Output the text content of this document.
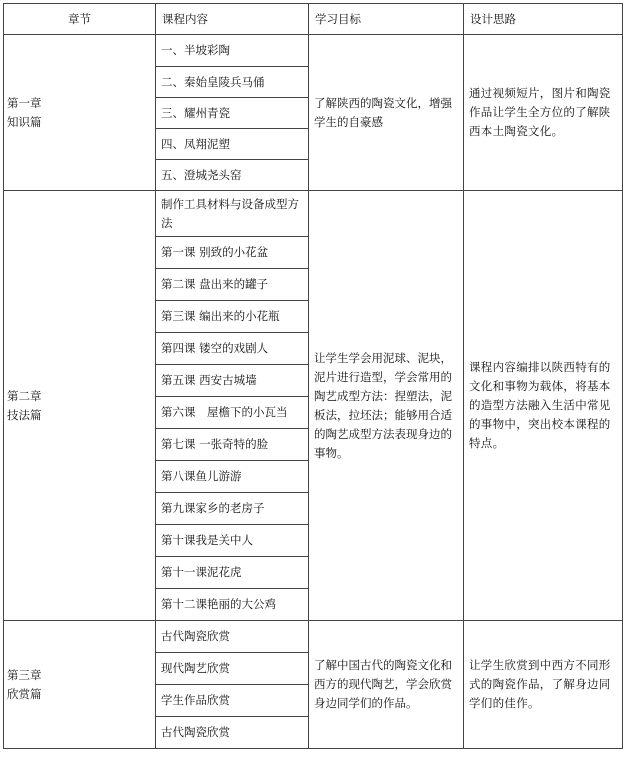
章节	课程内容	学习目标	设计思路

第一章
知识篇	一、半坡彩陶	了解陕西的陶瓷文化，增强学生的自豪感	通过视频短片，图片和陶瓷作品让学生全方位的了解陕西本土陶瓷文化。
	二、秦始皇陵兵马俑		
	三、耀州青瓷		
	四、凤翔泥塑		
	五、澄城尧头窑		

第二章
技法篇	制作工具材料与设备成型方法	让学生学会用泥球、泥块，泥片进行造型，学会常用的陶艺成型方法：捏塑法，泥板法，拉坯法；能够用合适的陶艺成型方法表现身边的事物。	课程内容编排以陕西特有的文化和事物为载体，将基本的造型方法融入生活中常见的事物中，突出校本课程的特点。
	第一课 别致的小花盆		
	第二课 盘出来的罐子		
	第三课 编出来的小花瓶		
	第四课 镂空的戏剧人		
	第五课 西安古城墙		
	第六课　屋檐下的小瓦当		
	第七课 一张奇特的脸		
	第八课鱼儿游游		
	第九课家乡的老房子		
	第十课我是关中人		
	第十一课泥花虎		
	第十二课艳丽的大公鸡		

第三章
欣赏篇	古代陶瓷欣赏	了解中国古代的陶瓷文化和西方的现代陶艺，学会欣赏身边同学们的作品。	让学生欣赏到中西方不同形式的陶瓷作品，了解身边同学们的佳作。
	现代陶艺欣赏		
	学生作品欣赏		
	古代陶瓷欣赏		
